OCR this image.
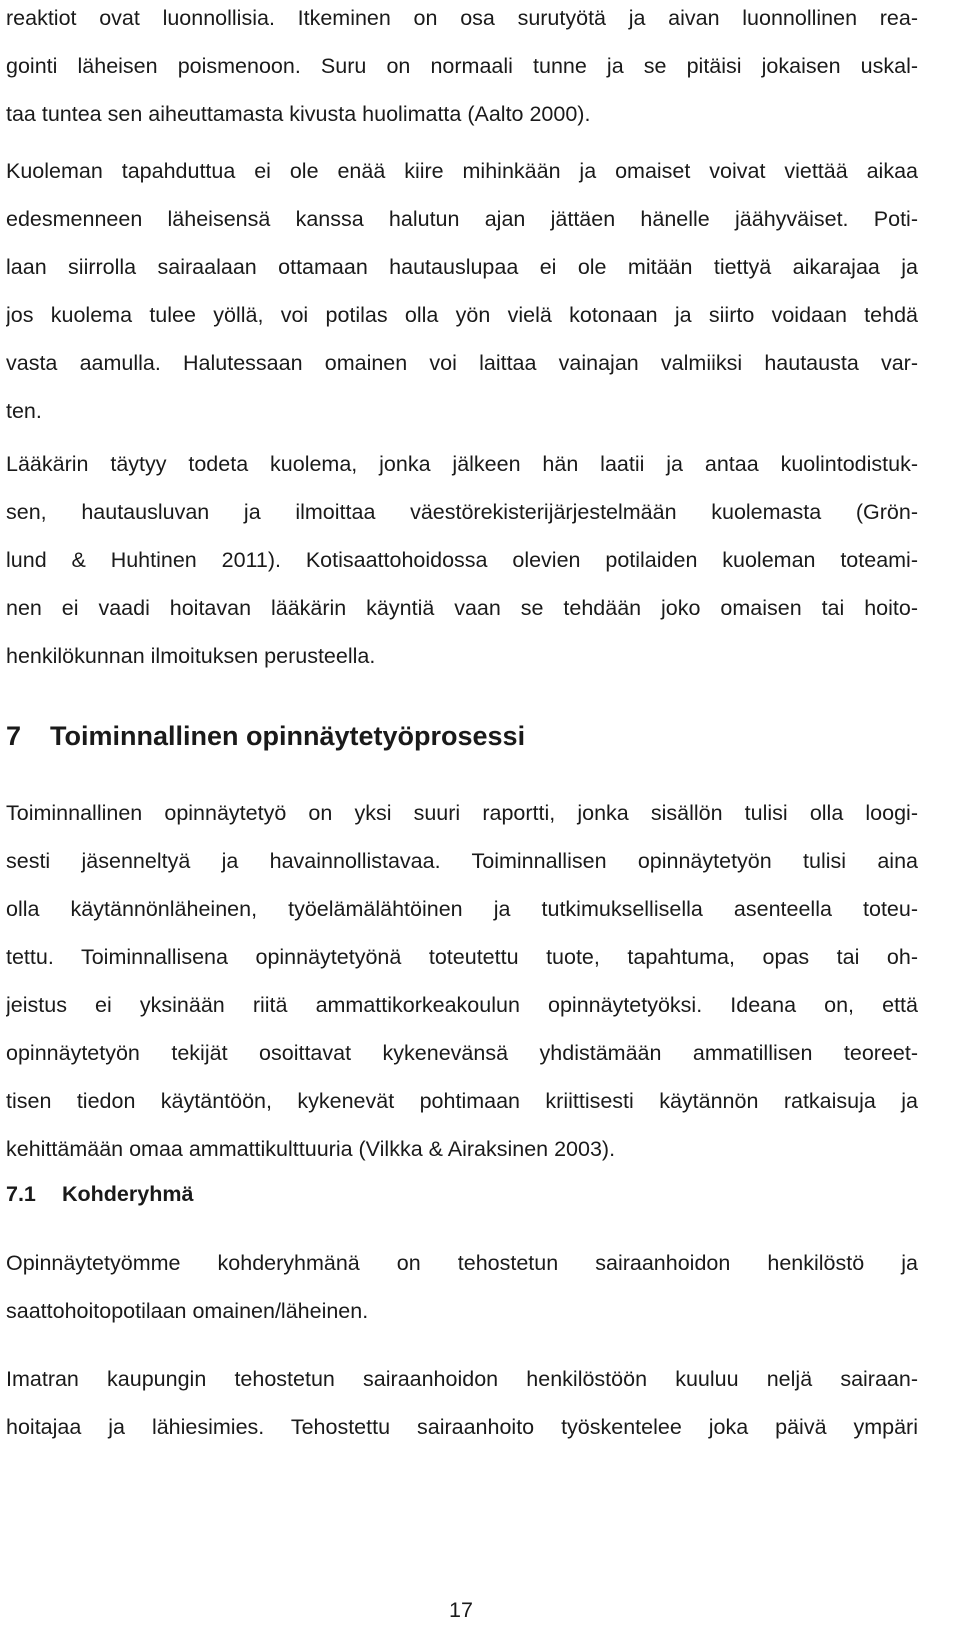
reaktiot ovat luonnollisia. Itkeminen on osa surutyötä ja aivan luonnollinen rea-
gointi läheisen poismenoon. Suru on normaali tunne ja se pitäisi jokaisen uskal-
taa tuntea sen aiheuttamasta kivusta huolimatta (Aalto 2000).
Kuoleman tapahduttua ei ole enää kiire mihinkään ja omaiset voivat viettää aikaa
edesmenneen läheisensä kanssa halutun ajan jättäen hänelle jäähyväiset. Poti-
laan siirrolla sairaalaan ottamaan hautauslupaa ei ole mitään tiettyä aikarajaa ja
jos kuolema tulee yöllä, voi potilas olla yön vielä kotonaan ja siirto voidaan tehdä
vasta aamulla. Halutessaan omainen voi laittaa vainajan valmiiksi hautausta var-
ten.
Lääkärin täytyy todeta kuolema, jonka jälkeen hän laatii ja antaa kuolintodistuk-
sen, hautausluvan ja ilmoittaa väestörekisterijärjestelmään kuolemasta (Grön-
lund & Huhtinen 2011). Kotisaattohoidossa olevien potilaiden kuoleman toteami-
nen ei vaadi hoitavan lääkärin käyntiä vaan se tehdään joko omaisen tai hoito-
henkilökunnan ilmoituksen perusteella.
7 Toiminnallinen opinnäytetyöprosessi
Toiminnallinen opinnäytetyö on yksi suuri raportti, jonka sisällön tulisi olla loogi-
sesti jäsenneltyä ja havainnollistavaa. Toiminnallisen opinnäytetyön tulisi aina
olla käytännönläheinen, työelämälähtöinen ja tutkimuksellisella asenteella toteu-
tettu. Toiminnallisena opinnäytetyönä toteutettu tuote, tapahtuma, opas tai oh-
jeistus ei yksinään riitä ammattikorkeakoulun opinnäytetyöksi. Ideana on, että
opinnäytetyön tekijät osoittavat kykenevänsä yhdistämään ammatillisen teoreet-
tisen tiedon käytäntöön, kykenevät pohtimaan kriittisesti käytännön ratkaisuja ja
kehittämään omaa ammattikulttuuria (Vilkka & Airaksinen 2003).
7.1 Kohderyhmä
Opinnäytetyömme kohderyhmänä on tehostetun sairaanhoidon henkilöstö ja
saattohoitopotilaan omainen/läheinen.
Imatran kaupungin tehostetun sairaanhoidon henkilöstöön kuuluu neljä sairaan-
hoitajaa ja lähiesimies. Tehostettu sairaanhoito työskentelee joka päivä ympäri
17
